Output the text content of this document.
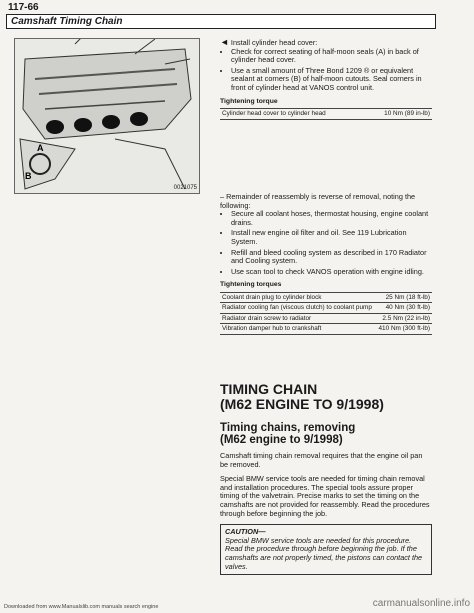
117-66
Camshaft Timing Chain
A
B
0021075
◄ Install cylinder head cover:
• Check for correct seating of half-moon seals (A) in back of cylinder head cover.
• Use a small amount of Three Bond 1209 ® or equivalent sealant at corners (B) of half-moon cutouts. Seal corners in front of cylinder head at VANOS control unit.
Tightening torque
Cylinder head cover to cylinder head	10 Nm (89 in-lb)
– Remainder of reassembly is reverse of removal, noting the following:
• Secure all coolant hoses, thermostat housing, engine coolant drains.
• Install new engine oil filter and oil. See 119 Lubrication System.
• Refill and bleed cooling system as described in 170 Radiator and Cooling system.
• Use scan tool to check VANOS operation with engine idling.
Tightening torques
Coolant drain plug to cylinder block	25 Nm (18 ft-lb)
Radiator cooling fan (viscous clutch) to coolant pump	40 Nm (30 ft-lb)
Radiator drain screw to radiator	2.5 Nm (22 in-lb)
Vibration damper hub to crankshaft	410 Nm (300 ft-lb)
TIMING CHAIN
(M62 ENGINE TO 9/1998)
Timing chains, removing
(M62 engine to 9/1998)
Camshaft timing chain removal requires that the engine oil pan be removed.
Special BMW service tools are needed for timing chain removal and installation procedures. The special tools assure proper timing of the valvetrain. Precise marks to set the timing on the camshafts are not provided for reassembly. Read the procedures through before beginning the job.
CAUTION—
Special BMW service tools are needed for this procedure. Read the procedure through before beginning the job. If the camshafts are not properly timed, the pistons can contact the valves.
Downloaded from www.Manualslib.com manuals search engine	carmanualsonline.info
